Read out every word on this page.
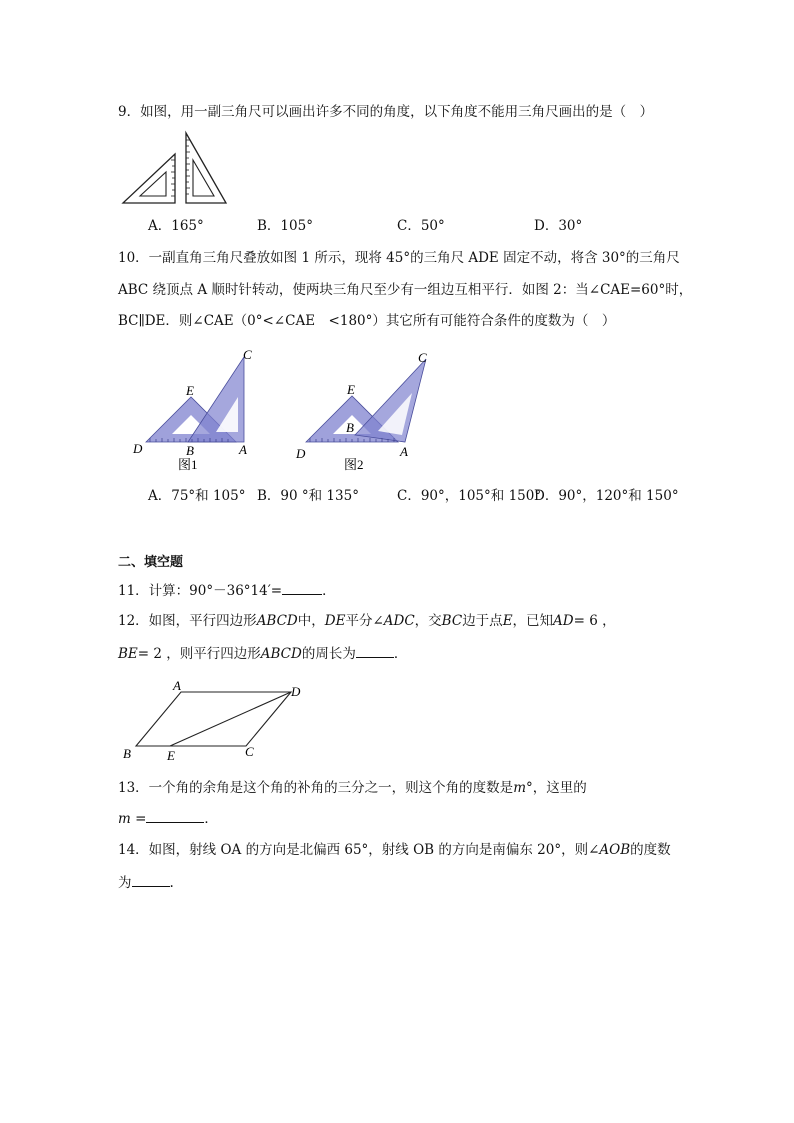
9．如图，用一副三角尺可以画出许多不同的角度，以下角度不能用三角尺画出的是（　）
A．165°	B．105°	C．50°	D．30°
10．一副直角三角尺叠放如图 1 所示，现将 45°的三角尺 ADE 固定不动，将含 30°的三角尺
ABC 绕顶点 A 顺时针转动，使两块三角尺至少有一组边互相平行．如图 2：当∠CAE=60°时，
BC∥DE．则∠CAE（0°<∠CAE　<180°）其它所有可能符合条件的度数为（　）
C
E
D	B	A
图1
C
E
B
D	A
图2
A．75°和 105° B．90 °和 135°	C．90°，105°和 150°
D．90°，120°和 150°
二、填空题
11．计算：90°－36°14′=	．
12．如图，平行四边形ABCD中，DE平分∠ADC，交BC边于点E，已知AD= 6 ，
BE= 2 ，则平行四边形ABCD的周长为	．
A	D
B	E	C
13．一个角的余角是这个角的补角的三分之一，则这个角的度数是m°，这里的
m =	．
14．如图，射线 OA 的方向是北偏西 65°，射线 OB 的方向是南偏东 20°，则∠AOB的度数
为	.
